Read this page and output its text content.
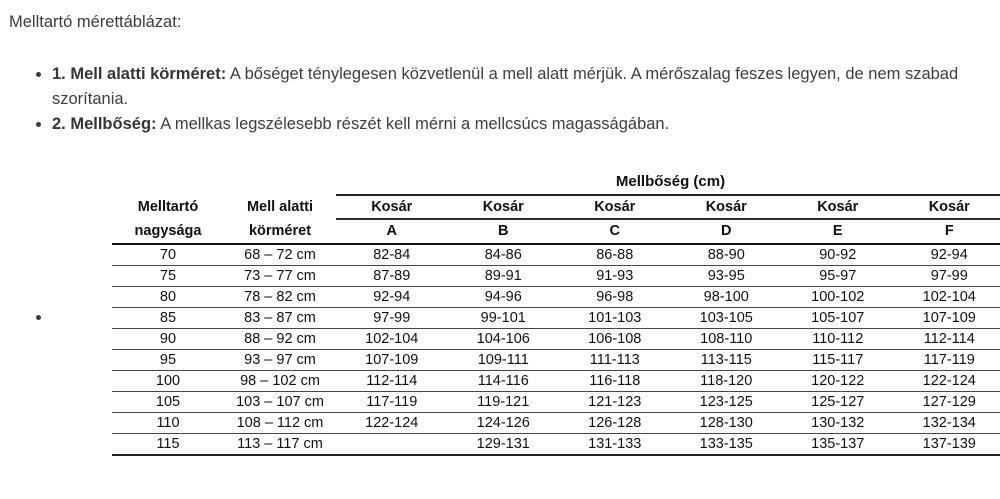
Melltartó mérettáblázat:
1. Mell alatti körméret: A bőséget ténylegesen közvetlenül a mell alatt mérjük. A mérőszalag feszes legyen, de nem szabad szorítania.
2. Mellbőség: A mellkas legszélesebb részét kell mérni a mellcsúcs magasságában.
		Mellbőség (cm)					
Melltartó	Mell alatti	Kosár	Kosár	Kosár	Kosár	Kosár	Kosár
nagysága	körméret	A	B	C	D	E	F
70	68 – 72 cm	82-84	84-86	86-88	88-90	90-92	92-94
75	73 – 77 cm	87-89	89-91	91-93	93-95	95-97	97-99
80	78 – 82 cm	92-94	94-96	96-98	98-100	100-102	102-104
85	83 – 87 cm	97-99	99-101	101-103	103-105	105-107	107-109
90	88 – 92 cm	102-104	104-106	106-108	108-110	110-112	112-114
95	93 – 97 cm	107-109	109-111	111-113	113-115	115-117	117-119
100	98 – 102 cm	112-114	114-116	116-118	118-120	120-122	122-124
105	103 – 107 cm	117-119	119-121	121-123	123-125	125-127	127-129
110	108 – 112 cm	122-124	124-126	126-128	128-130	130-132	132-134
115	113 – 117 cm		129-131	131-133	133-135	135-137	137-139
